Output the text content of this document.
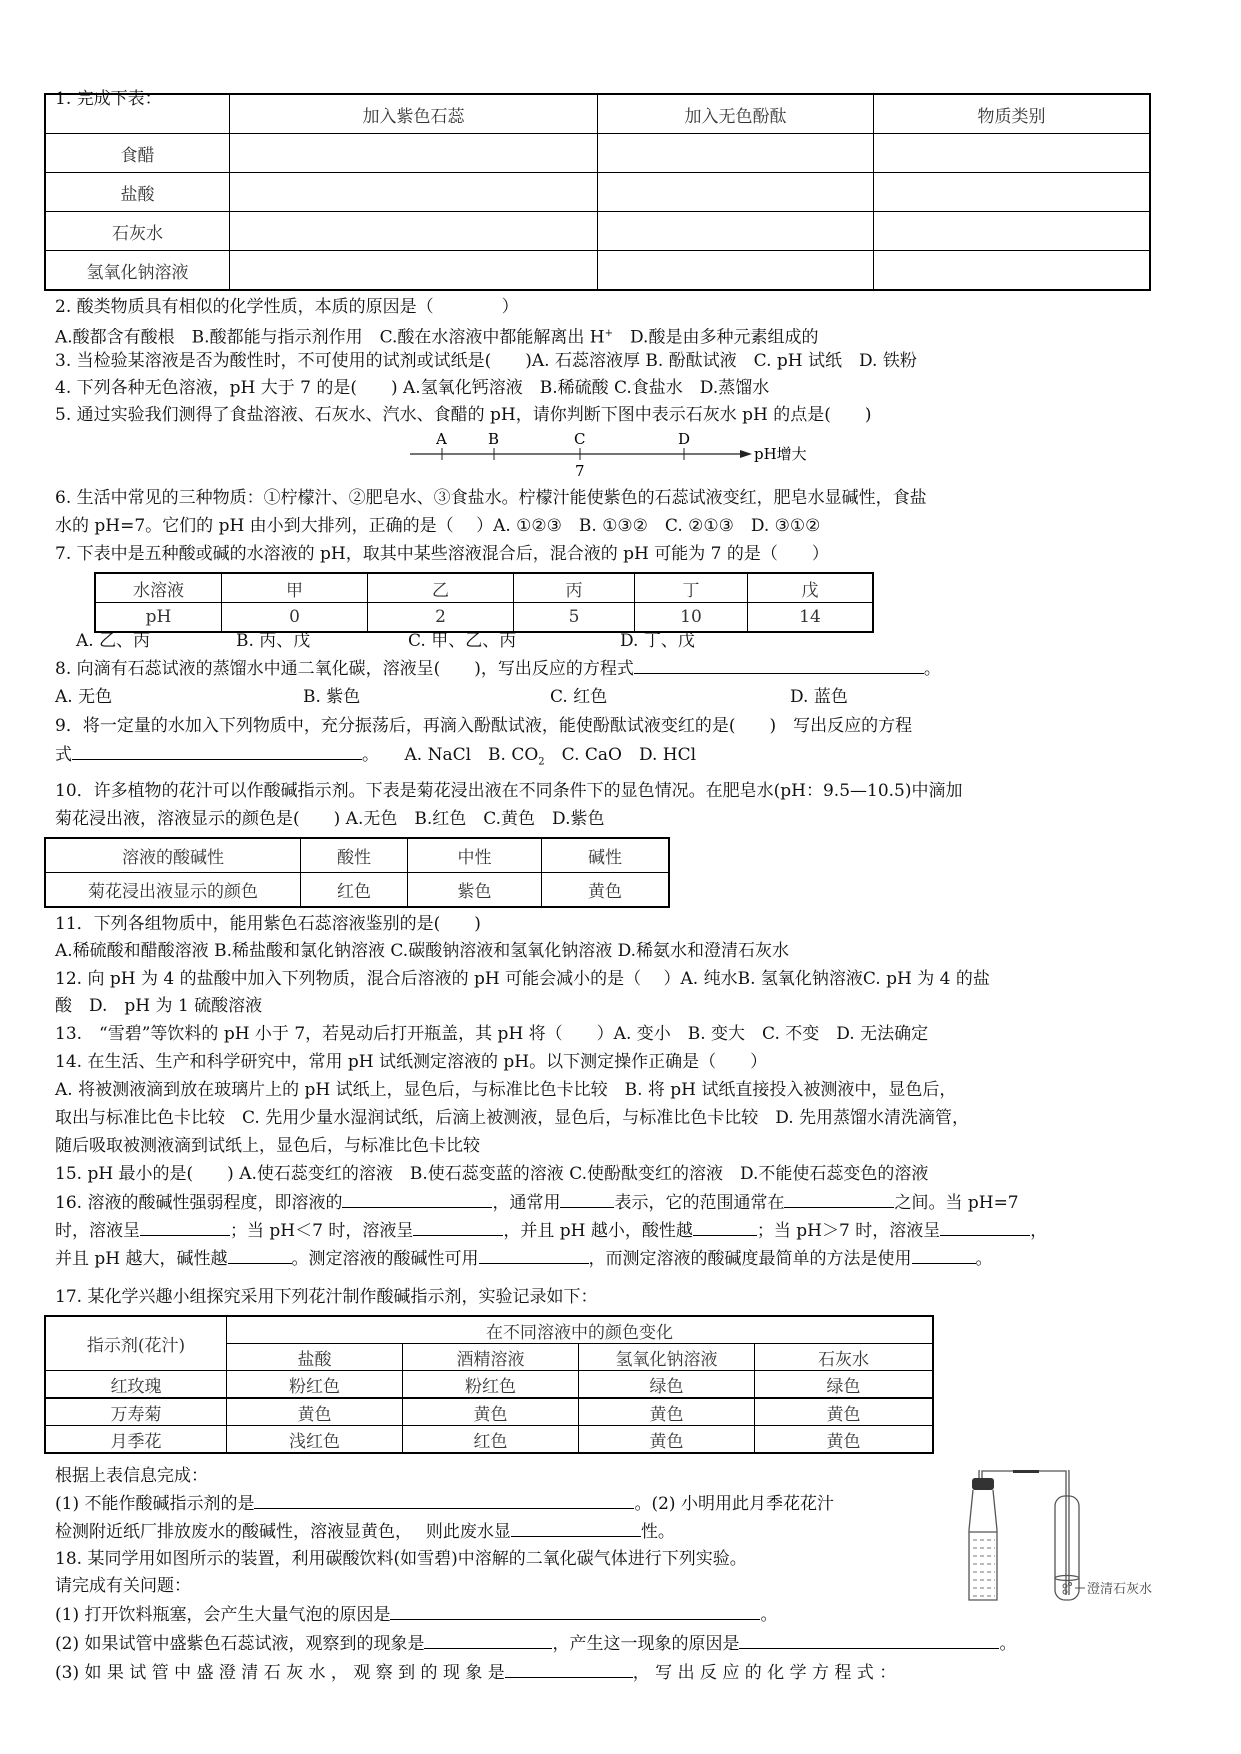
1. 完成下表：
	加入紫色石蕊	加入无色酚酞	物质类别
食醋			
盐酸			
石灰水			
氢氧化钠溶液			
2. 酸类物质具有相似的化学性质，本质的原因是（　　　　）
A.酸都含有酸根　B.酸都能与指示剂作用　C.酸在水溶液中都能解离出 H+　D.酸是由多种元素组成的
3. 当检验某溶液是否为酸性时，不可使用的试剂或试纸是(　　)A. 石蕊溶液厚 B. 酚酞试液　C. pH 试纸　D. 铁粉
4. 下列各种无色溶液，pH 大于 7 的是(　　) A.氢氧化钙溶液　B.稀硫酸 C.食盐水　D.蒸馏水
5. 通过实验我们测得了食盐溶液、石灰水、汽水、食醋的 pH，请你判断下图中表示石灰水 pH 的点是(　　)
A	B	C	D
7
pH增大
6. 生活中常见的三种物质：①柠檬汁、②肥皂水、③食盐水。柠檬汁能使紫色的石蕊试液变红，肥皂水显碱性，食盐
水的 pH=7。它们的 pH 由小到大排列，正确的是（　 ）A. ①②③　B. ①③②　C. ②①③　D. ③①②
7. 下表中是五种酸或碱的水溶液的 pH，取其中某些溶液混合后，混合液的 pH 可能为 7 的是（　　）
水溶液	甲	乙	丙	丁	戊
pH	0	2	5	10	14
A. 乙、丙	B. 丙、戊	C. 甲、乙、丙	D. 丁、戊
8. 向滴有石蕊试液的蒸馏水中通二氧化碳，溶液呈(　　)，写出反应的方程式	。
A. 无色	B. 紫色	C. 红色	D. 蓝色
9．将一定量的水加入下列物质中，充分振荡后，再滴入酚酞试液，能使酚酞试液变红的是(　　)　写出反应的方程
式	。　　A. NaCl　B. $CO_2$　C. CaO　D. HCl
10．许多植物的花汁可以作酸碱指示剂。下表是菊花浸出液在不同条件下的显色情况。在肥皂水(pH：9.5—10.5)中滴加
菊花浸出液，溶液显示的颜色是(　　) A.无色　B.红色　C.黄色　D.紫色
溶液的酸碱性	酸性	中性	碱性
菊花浸出液显示的颜色	红色	紫色	黄色
11．下列各组物质中，能用紫色石蕊溶液鉴别的是(　　)
A.稀硫酸和醋酸溶液 B.稀盐酸和氯化钠溶液 C.碳酸钠溶液和氢氧化钠溶液 D.稀氨水和澄清石灰水
12. 向 pH 为 4 的盐酸中加入下列物质，混合后溶液的 pH 可能会减小的是（　 ）A. 纯水B. 氢氧化钠溶液C. pH 为 4 的盐
酸　D.　pH 为 1 硫酸溶液
13.　“雪碧”等饮料的 pH 小于 7，若晃动后打开瓶盖，其 pH 将（　　）A. 变小　B. 变大　C. 不变　D. 无法确定
14. 在生活、生产和科学研究中，常用 pH 试纸测定溶液的 pH。以下测定操作正确是（　　）
A. 将被测液滴到放在玻璃片上的 pH 试纸上，显色后，与标准比色卡比较　B. 将 pH 试纸直接投入被测液中，显色后，
取出与标准比色卡比较　C. 先用少量水湿润试纸，后滴上被测液，显色后，与标准比色卡比较　D. 先用蒸馏水清洗滴管，
随后吸取被测液滴到试纸上，显色后，与标准比色卡比较
15. pH 最小的是(　　) A.使石蕊变红的溶液　B.使石蕊变蓝的溶液 C.使酚酞变红的溶液　D.不能使石蕊变色的溶液
16. 溶液的酸碱性强弱程度，即溶液的	，通常用	表示，它的范围通常在	之间。当 pH=7
时，溶液呈	；当 pH＜7 时，溶液呈	，并且 pH 越小，酸性越	；当 pH＞7 时，溶液呈	，
并且 pH 越大，碱性越	。测定溶液的酸碱性可用	，而测定溶液的酸碱度最简单的方法是使用	。
17. 某化学兴趣小组探究采用下列花汁制作酸碱指示剂，实验记录如下：
指示剂(花汁)	在不同溶液中的颜色变化			
	盐酸	酒精溶液	氢氧化钠溶液	石灰水
红玫瑰	粉红色	粉红色	绿色	绿色
万寿菊	黄色	黄色	黄色	黄色
月季花	浅红色	红色	黄色	黄色
根据上表信息完成：
(1) 不能作酸碱指示剂的是	。(2) 小明用此月季花花汁
检测附近纸厂排放废水的酸碱性，溶液显黄色，　 则此废水显	性。
18. 某同学用如图所示的装置，利用碳酸饮料(如雪碧)中溶解的二氧化碳气体进行下列实验。
请完成有关问题：
(1) 打开饮料瓶塞，会产生大量气泡的原因是	。
(2) 如果试管中盛紫色石蕊试液，观察到的现象是	，产生这一现象的原因是	。
(3) 如 果 试 管 中 盛 澄 清 石 灰 水 ， 观 察 到 的 现 象 是	， 写 出 反 应 的 化 学 方 程 式 ：
澄清石灰水
